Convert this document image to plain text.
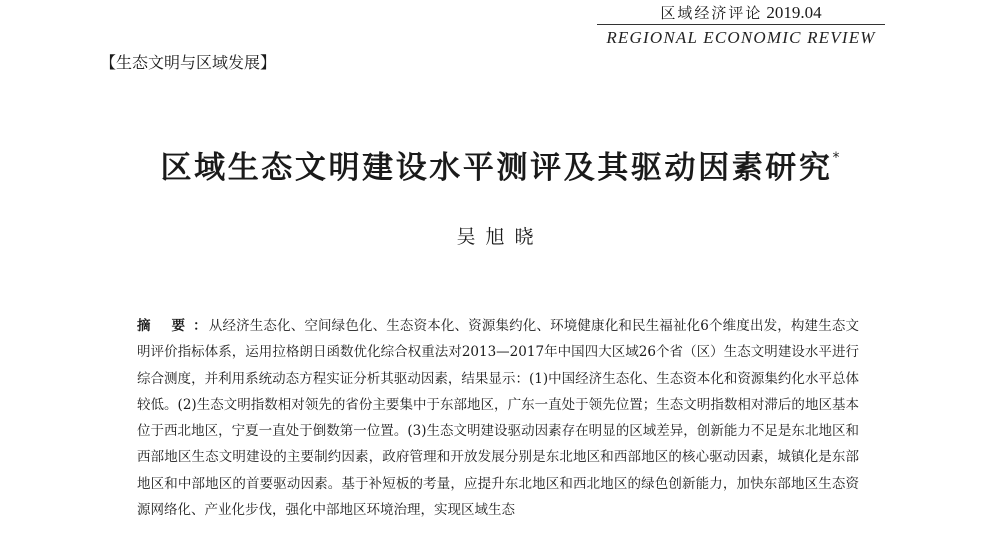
区域经济评论 2019.04
REGIONAL ECONOMIC REVIEW
【生态文明与区域发展】
区域生态文明建设水平测评及其驱动因素研究*
吴旭晓
摘 要： 从经济生态化、空间绿色化、生态资本化、资源集约化、环境健康化和民生福祉化6个维度出发，构建生态文明评价指标体系，运用拉格朗日函数优化综合权重法对2013—2017年中国四大区域26个省（区）生态文明建设水平进行综合测度，并利用系统动态方程实证分析其驱动因素，结果显示：(1)中国经济生态化、生态资本化和资源集约化水平总体较低。(2)生态文明指数相对领先的省份主要集中于东部地区，广东一直处于领先位置；生态文明指数相对滞后的地区基本位于西北地区，宁夏一直处于倒数第一位置。(3)生态文明建设驱动因素存在明显的区域差异，创新能力不足是东北地区和西部地区生态文明建设的主要制约因素，政府管理和开放发展分别是东北地区和西部地区的核心驱动因素，城镇化是东部地区和中部地区的首要驱动因素。基于补短板的考量，应提升东北地区和西北地区的绿色创新能力，加快东部地区生态资源网络化、产业化步伐，强化中部地区环境治理，实现区域生态
